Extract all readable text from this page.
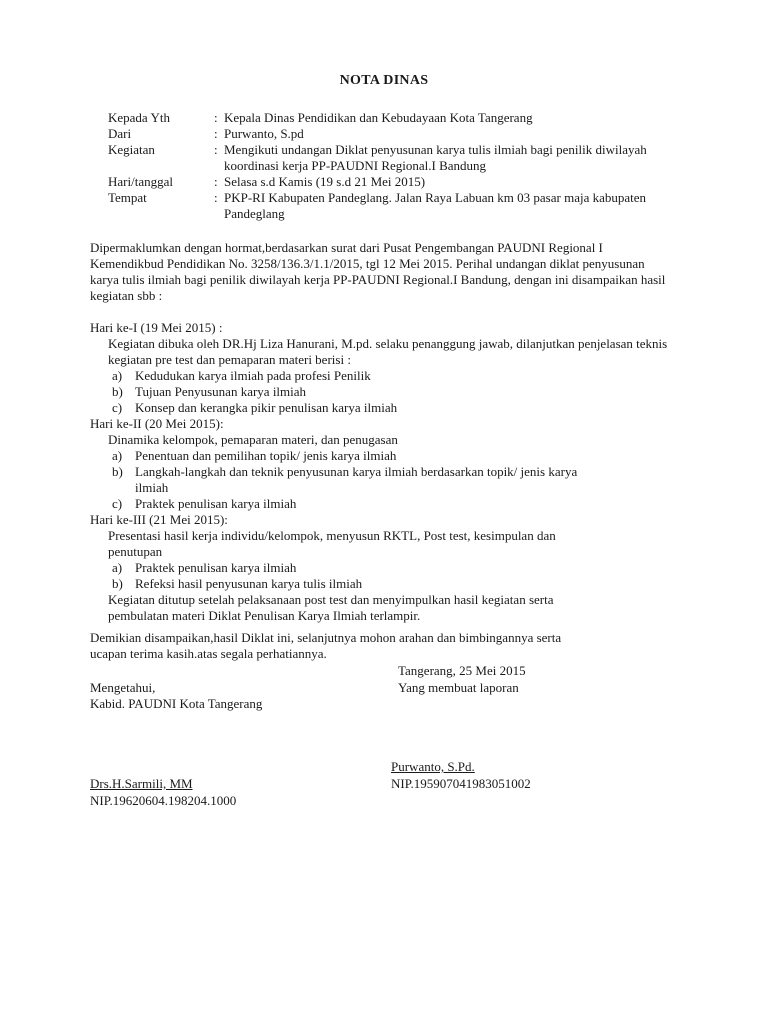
NOTA DINAS
Kepada Yth	: Kepala Dinas Pendidikan dan Kebudayaan Kota Tangerang
Dari	: Purwanto, S.pd
Kegiatan	: Mengikuti undangan Diklat penyusunan karya tulis ilmiah bagi penilik diwilayah
koordinasi kerja PP-PAUDNI Regional.I Bandung
Hari/tanggal	: Selasa s.d Kamis (19 s.d 21 Mei 2015)
Tempat	: PKP-RI Kabupaten Pandeglang. Jalan Raya Labuan km 03 pasar maja kabupaten
Pandeglang
Dipermaklumkan dengan hormat,berdasarkan surat dari Pusat Pengembangan PAUDNI Regional I
Kemendikbud Pendidikan No. 3258/136.3/1.1/2015, tgl 12 Mei 2015. Perihal undangan diklat penyusunan
karya tulis ilmiah bagi penilik diwilayah kerja PP-PAUDNI Regional.I Bandung, dengan ini disampaikan hasil
kegiatan sbb :
Hari ke-I (19 Mei 2015) :
Kegiatan dibuka oleh DR.Hj Liza Hanurani, M.pd. selaku penanggung jawab, dilanjutkan penjelasan teknis
kegiatan pre test dan pemaparan materi berisi :
a) Kedudukan karya ilmiah pada profesi Penilik
b) Tujuan Penyusunan karya ilmiah
c) Konsep dan kerangka pikir penulisan karya ilmiah
Hari ke-II (20 Mei 2015):
Dinamika kelompok, pemaparan materi, dan penugasan
a) Penentuan dan pemilihan topik/ jenis karya ilmiah
b) Langkah-langkah dan teknik penyusunan karya ilmiah berdasarkan topik/ jenis karya
ilmiah
c) Praktek penulisan karya ilmiah
Hari ke-III (21 Mei 2015):
Presentasi hasil kerja individu/kelompok, menyusun RKTL, Post test, kesimpulan dan
penutupan
a) Praktek penulisan karya ilmiah
b) Refeksi hasil penyusunan karya tulis ilmiah
Kegiatan ditutup setelah pelaksanaan post test dan menyimpulkan hasil kegiatan serta
pembulatan materi Diklat Penulisan Karya Ilmiah terlampir.
Demikian disampaikan,hasil Diklat ini, selanjutnya mohon arahan dan bimbingannya serta
ucapan terima kasih.atas segala perhatiannya.
Tangerang, 25 Mei 2015
Yang membuat laporan
Mengetahui,
Kabid. PAUDNI Kota Tangerang
Purwanto, S.Pd.
NIP.195907041983051002
Drs.H.Sarmili, MM
NIP.19620604.198204.1000
